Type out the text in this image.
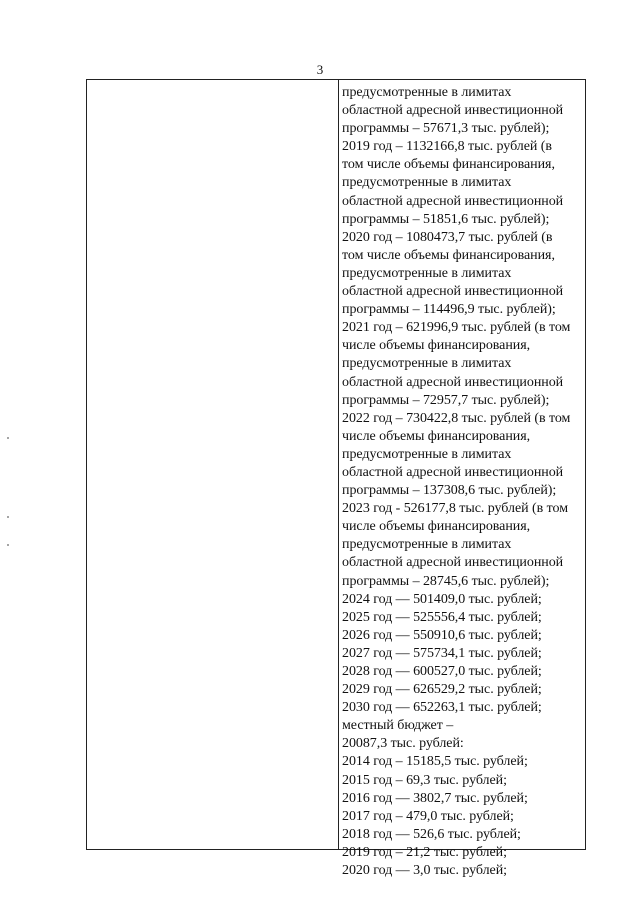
3
предусмотренные в лимитах
областной адресной инвестиционной
программы – 57671,3 тыс. рублей);
2019 год – 1132166,8 тыс. рублей (в
том числе объемы финансирования,
предусмотренные в лимитах
областной адресной инвестиционной
программы – 51851,6 тыс. рублей);
2020 год – 1080473,7 тыс. рублей (в
том числе объемы финансирования,
предусмотренные в лимитах
областной адресной инвестиционной
программы – 114496,9 тыс. рублей);
2021 год – 621996,9 тыс. рублей (в том
числе объемы финансирования,
предусмотренные в лимитах
областной адресной инвестиционной
программы – 72957,7 тыс. рублей);
2022 год – 730422,8 тыс. рублей (в том
числе объемы финансирования,
предусмотренные в лимитах
областной адресной инвестиционной
программы – 137308,6 тыс. рублей);
2023 год - 526177,8 тыс. рублей (в том
числе объемы финансирования,
предусмотренные в лимитах
областной адресной инвестиционной
программы – 28745,6 тыс. рублей);
2024 год — 501409,0 тыс. рублей;
2025 год — 525556,4 тыс. рублей;
2026 год — 550910,6 тыс. рублей;
2027 год — 575734,1 тыс. рублей;
2028 год — 600527,0 тыс. рублей;
2029 год — 626529,2 тыс. рублей;
2030 год — 652263,1 тыс. рублей;
местный бюджет –
20087,3 тыс. рублей:
2014 год – 15185,5 тыс. рублей;
2015 год – 69,3 тыс. рублей;
2016 год — 3802,7 тыс. рублей;
2017 год – 479,0 тыс. рублей;
2018 год — 526,6 тыс. рублей;
2019 год – 21,2 тыс. рублей;
2020 год — 3,0 тыс. рублей;
